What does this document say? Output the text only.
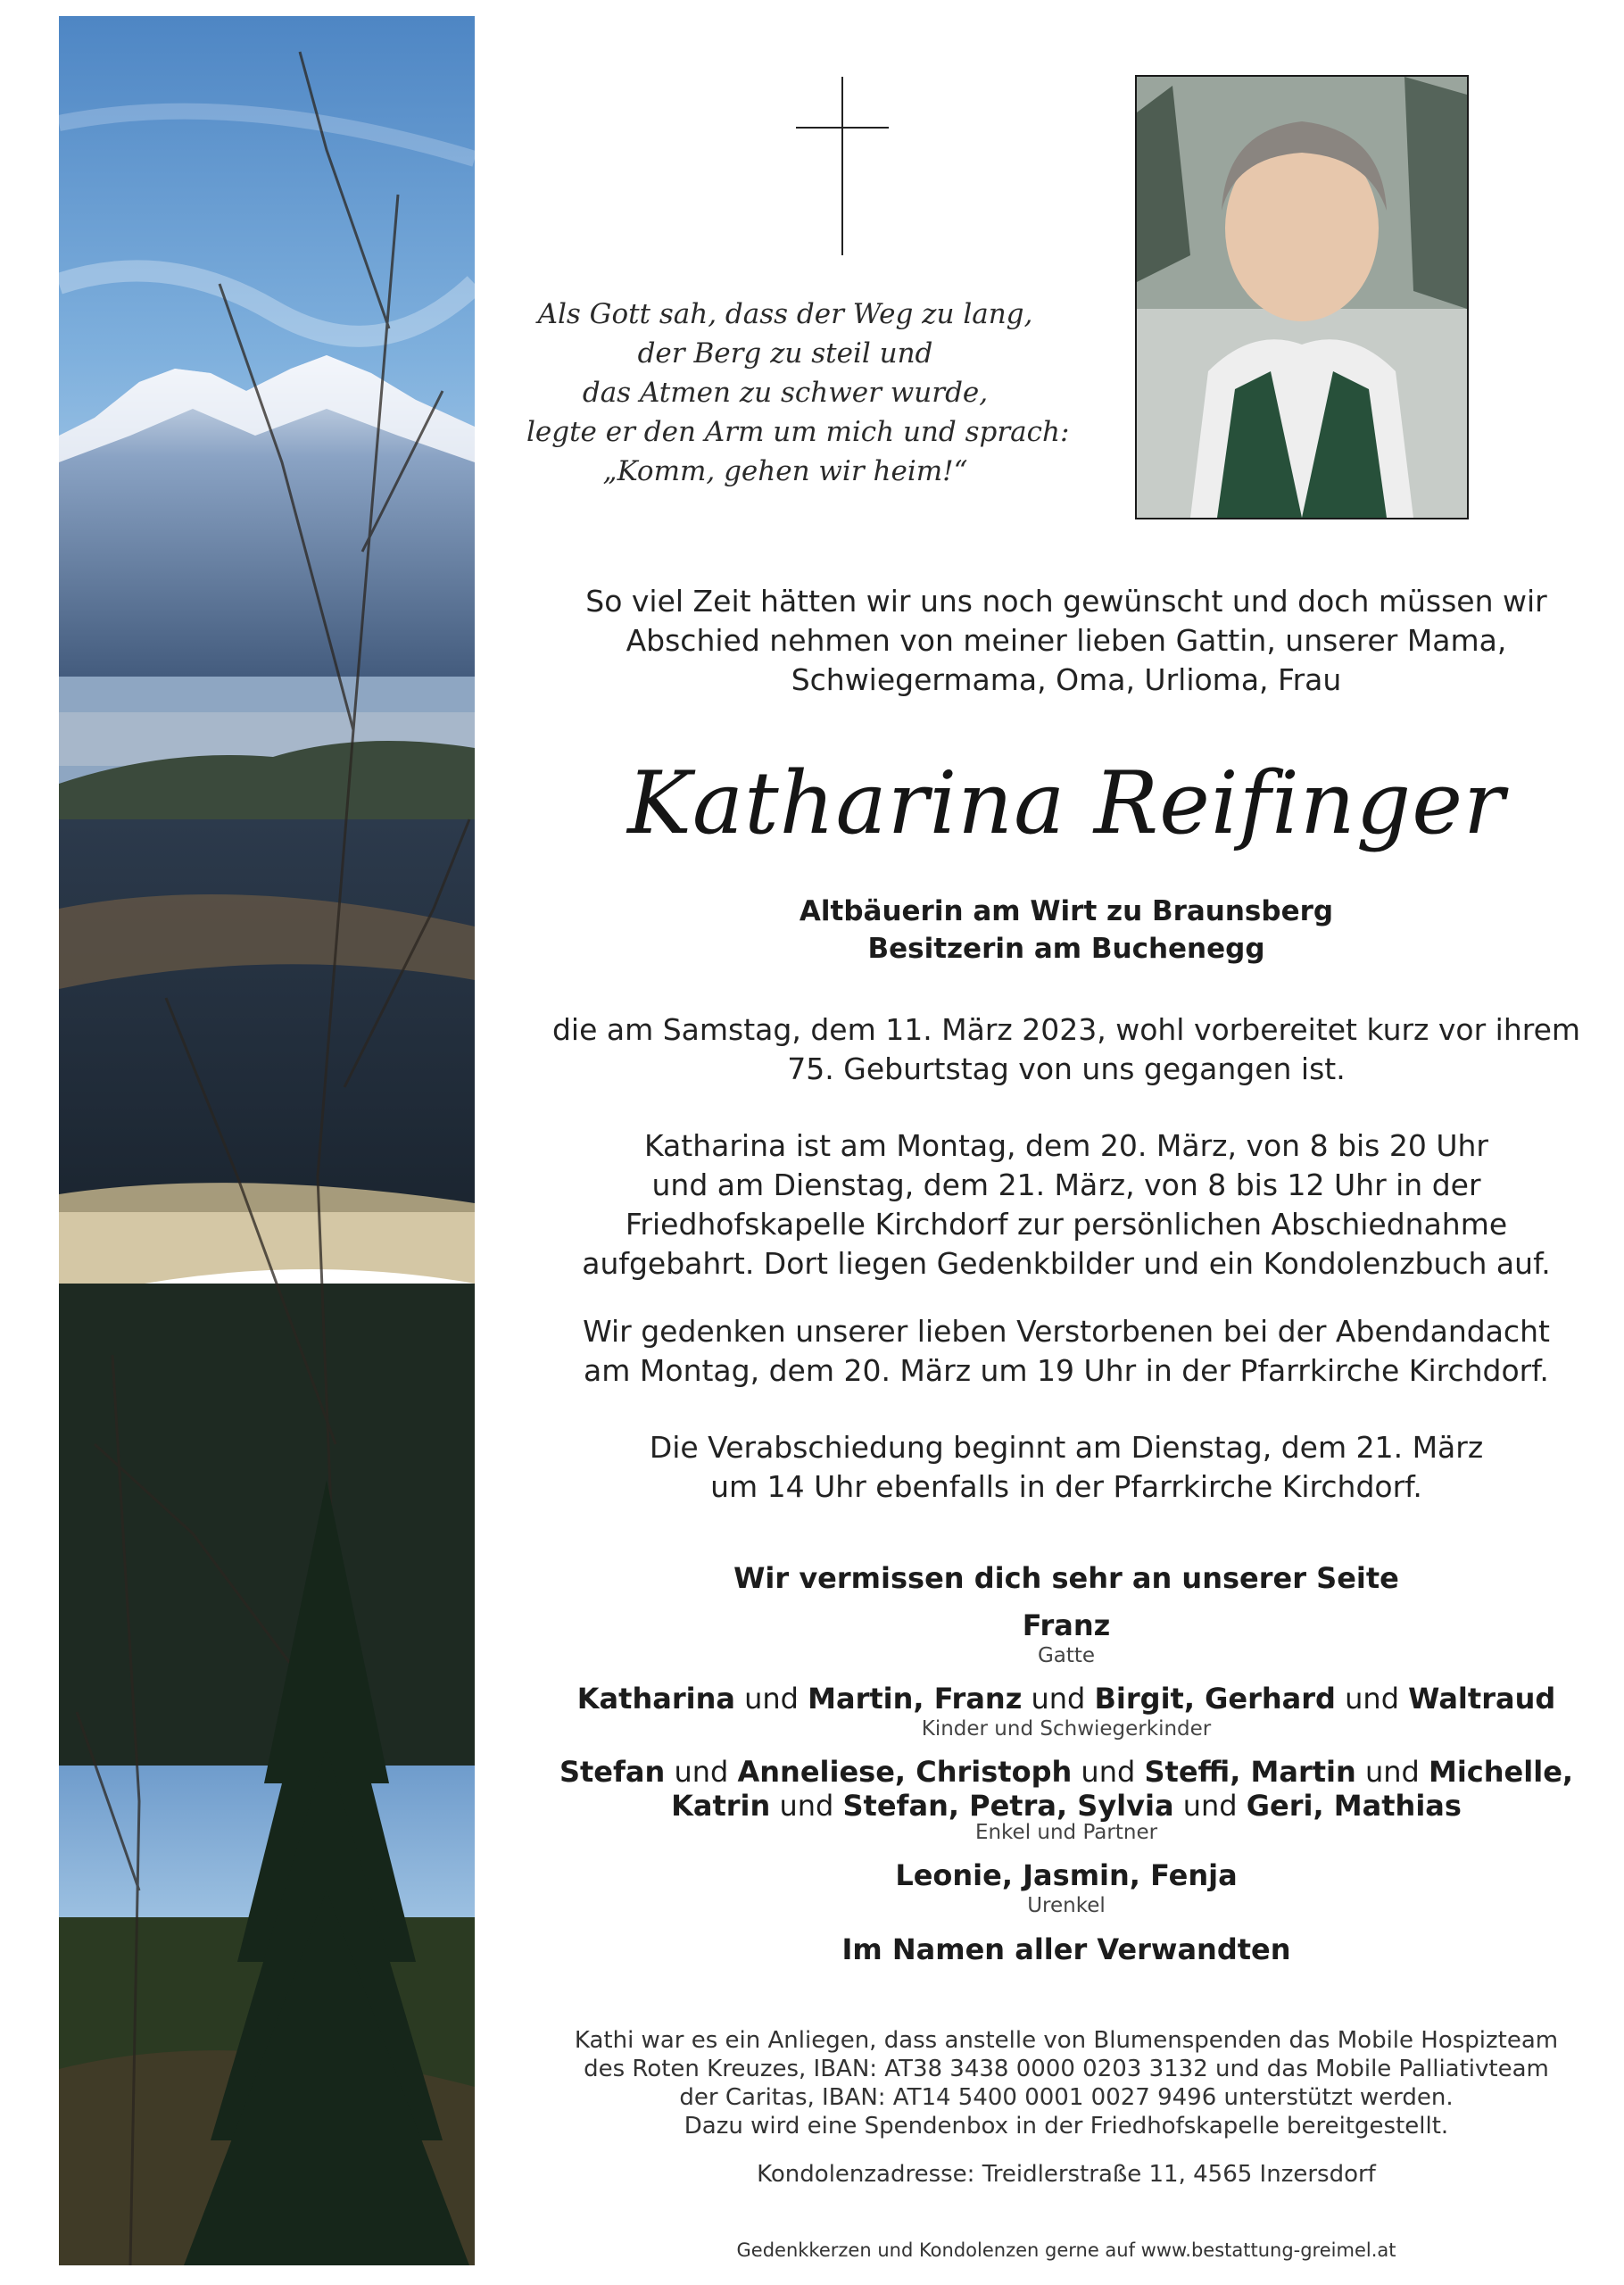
Als Gott sah, dass der Weg zu lang,
der Berg zu steil und
das Atmen zu schwer wurde,
legte er den Arm um mich und sprach:
„Komm, gehen wir heim!“
So viel Zeit hätten wir uns noch gewünscht und doch müssen wir
Abschied nehmen von meiner lieben Gattin, unserer Mama,
Schwiegermama, Oma, Urlioma, Frau
Katharina Reifinger
Altbäuerin am Wirt zu Braunsberg
Besitzerin am Buchenegg
die am Samstag, dem 11. März 2023, wohl vorbereitet kurz vor ihrem
75. Geburtstag von uns gegangen ist.
Katharina ist am Montag, dem 20. März, von 8 bis 20 Uhr
und am Dienstag, dem 21. März, von 8 bis 12 Uhr in der
Friedhofskapelle Kirchdorf zur persönlichen Abschiednahme
aufgebahrt. Dort liegen Gedenkbilder und ein Kondolenzbuch auf.
Wir gedenken unserer lieben Verstorbenen bei der Abendandacht
am Montag, dem 20. März um 19 Uhr in der Pfarrkirche Kirchdorf.
Die Verabschiedung beginnt am Dienstag, dem 21. März
um 14 Uhr ebenfalls in der Pfarrkirche Kirchdorf.
Wir vermissen dich sehr an unserer Seite
Franz
Gatte
Katharina und Martin, Franz und Birgit, Gerhard und Waltraud
Kinder und Schwiegerkinder
Stefan und Anneliese, Christoph und Steffi, Martin und Michelle,
Katrin und Stefan, Petra, Sylvia und Geri, Mathias
Enkel und Partner
Leonie, Jasmin, Fenja
Urenkel
Im Namen aller Verwandten
Kathi war es ein Anliegen, dass anstelle von Blumenspenden das Mobile Hospizteam
des Roten Kreuzes, IBAN: AT38 3438 0000 0203 3132 und das Mobile Palliativteam
der Caritas, IBAN: AT14 5400 0001 0027 9496 unterstützt werden.
Dazu wird eine Spendenbox in der Friedhofskapelle bereitgestellt.
Kondolenzadresse: Treidlerstraße 11, 4565 Inzersdorf
Gedenkkerzen und Kondolenzen gerne auf www.bestattung-greimel.at
